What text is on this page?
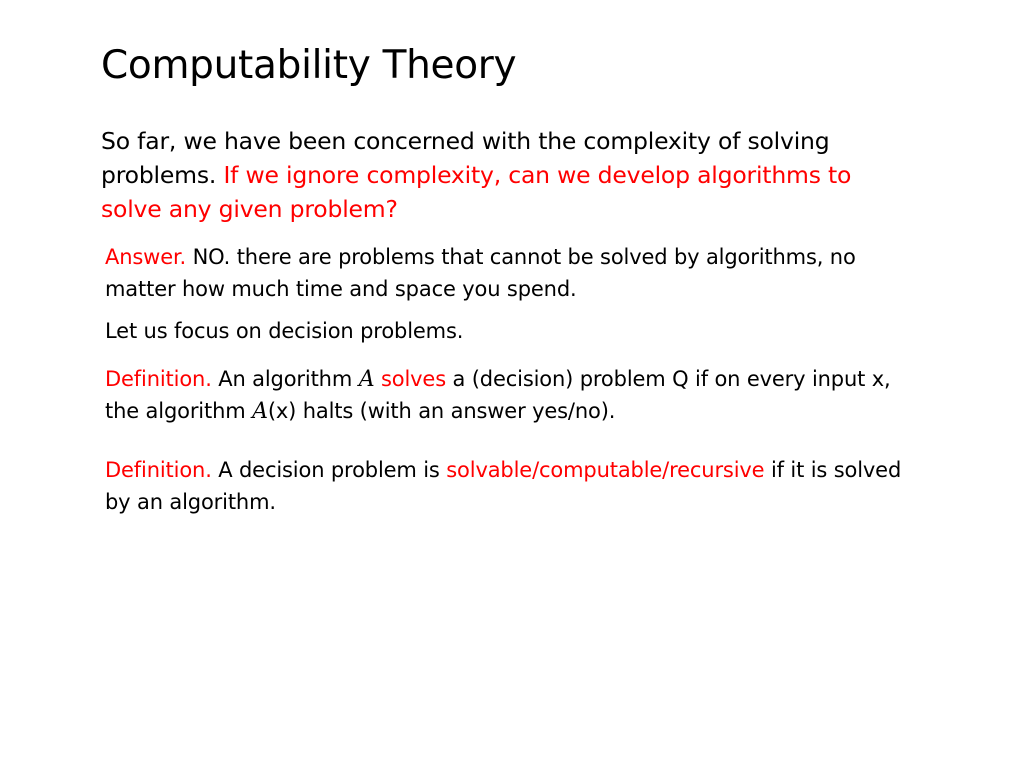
Computability Theory

So far, we have been concerned with the complexity of solving problems. If we ignore complexity, can we develop algorithms to solve any given problem?

Answer. NO. there are problems that cannot be solved by algorithms, no matter how much time and space you spend.

Let us focus on decision problems.

Definition. An algorithm A solves a (decision) problem Q if on every input x, the algorithm A(x) halts (with an answer yes/no).

Definition. A decision problem is solvable/computable/recursive if it is solved by an algorithm.
